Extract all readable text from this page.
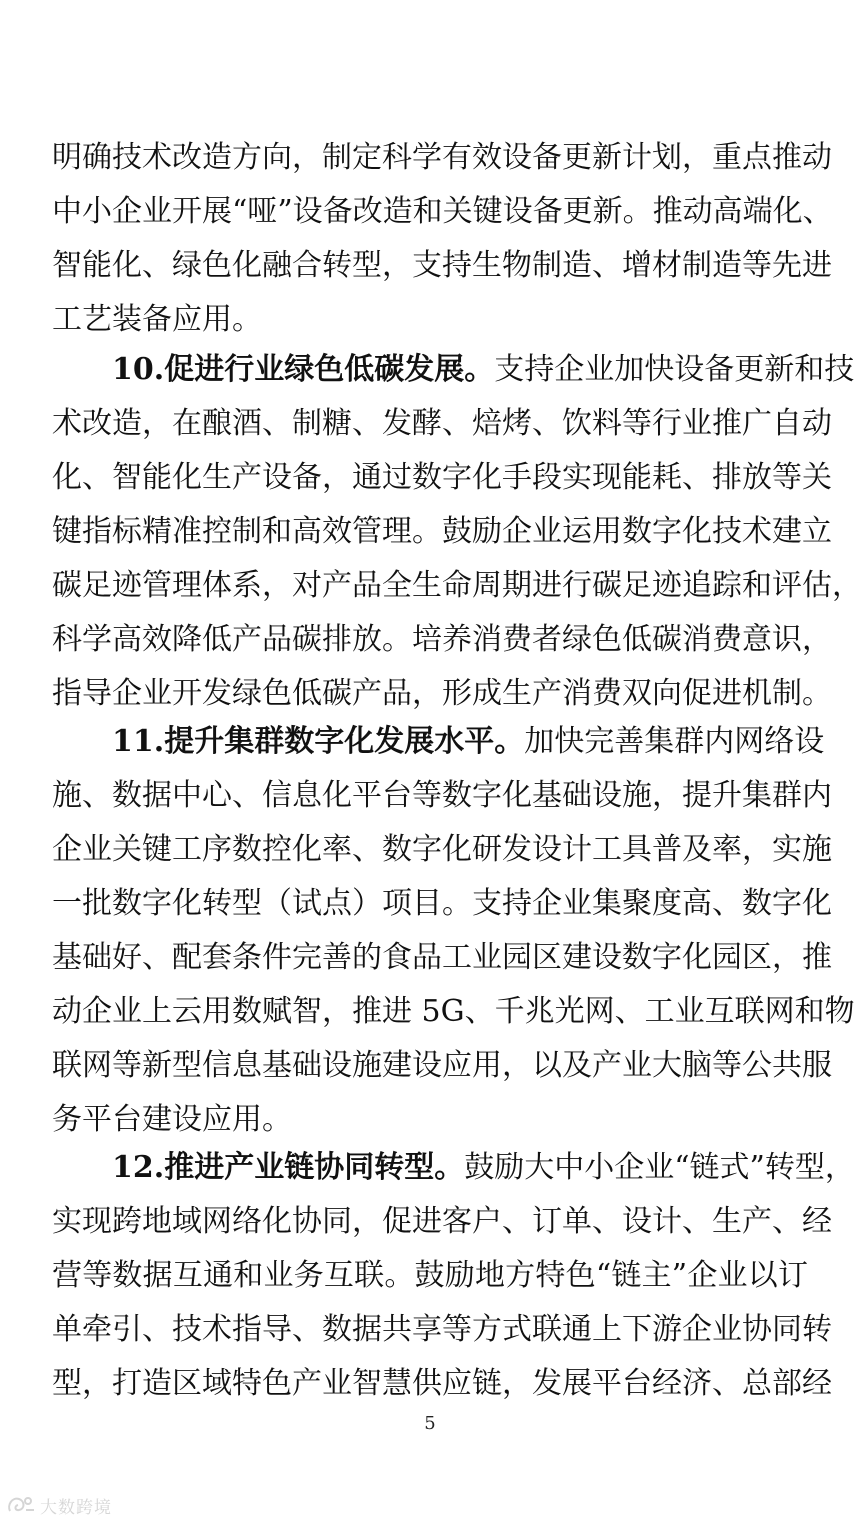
明确技术改造方向，制定科学有效设备更新计划，重点推动
中小企业开展“哑”设备改造和关键设备更新。推动高端化、
智能化、绿色化融合转型，支持生物制造、增材制造等先进
工艺装备应用。
10.促进行业绿色低碳发展。支持企业加快设备更新和技
术改造，在酿酒、制糖、发酵、焙烤、饮料等行业推广自动
化、智能化生产设备，通过数字化手段实现能耗、排放等关
键指标精准控制和高效管理。鼓励企业运用数字化技术建立
碳足迹管理体系，对产品全生命周期进行碳足迹追踪和评估，
科学高效降低产品碳排放。培养消费者绿色低碳消费意识，
指导企业开发绿色低碳产品，形成生产消费双向促进机制。
11.提升集群数字化发展水平。加快完善集群内网络设
施、数据中心、信息化平台等数字化基础设施，提升集群内
企业关键工序数控化率、数字化研发设计工具普及率，实施
一批数字化转型（试点）项目。支持企业集聚度高、数字化
基础好、配套条件完善的食品工业园区建设数字化园区，推
动企业上云用数赋智，推进 5G、千兆光网、工业互联网和物
联网等新型信息基础设施建设应用，以及产业大脑等公共服
务平台建设应用。
12.推进产业链协同转型。鼓励大中小企业“链式”转型，
实现跨地域网络化协同，促进客户、订单、设计、生产、经
营等数据互通和业务互联。鼓励地方特色“链主”企业以订
单牵引、技术指导、数据共享等方式联通上下游企业协同转
型，打造区域特色产业智慧供应链，发展平台经济、总部经
5
大数跨境
